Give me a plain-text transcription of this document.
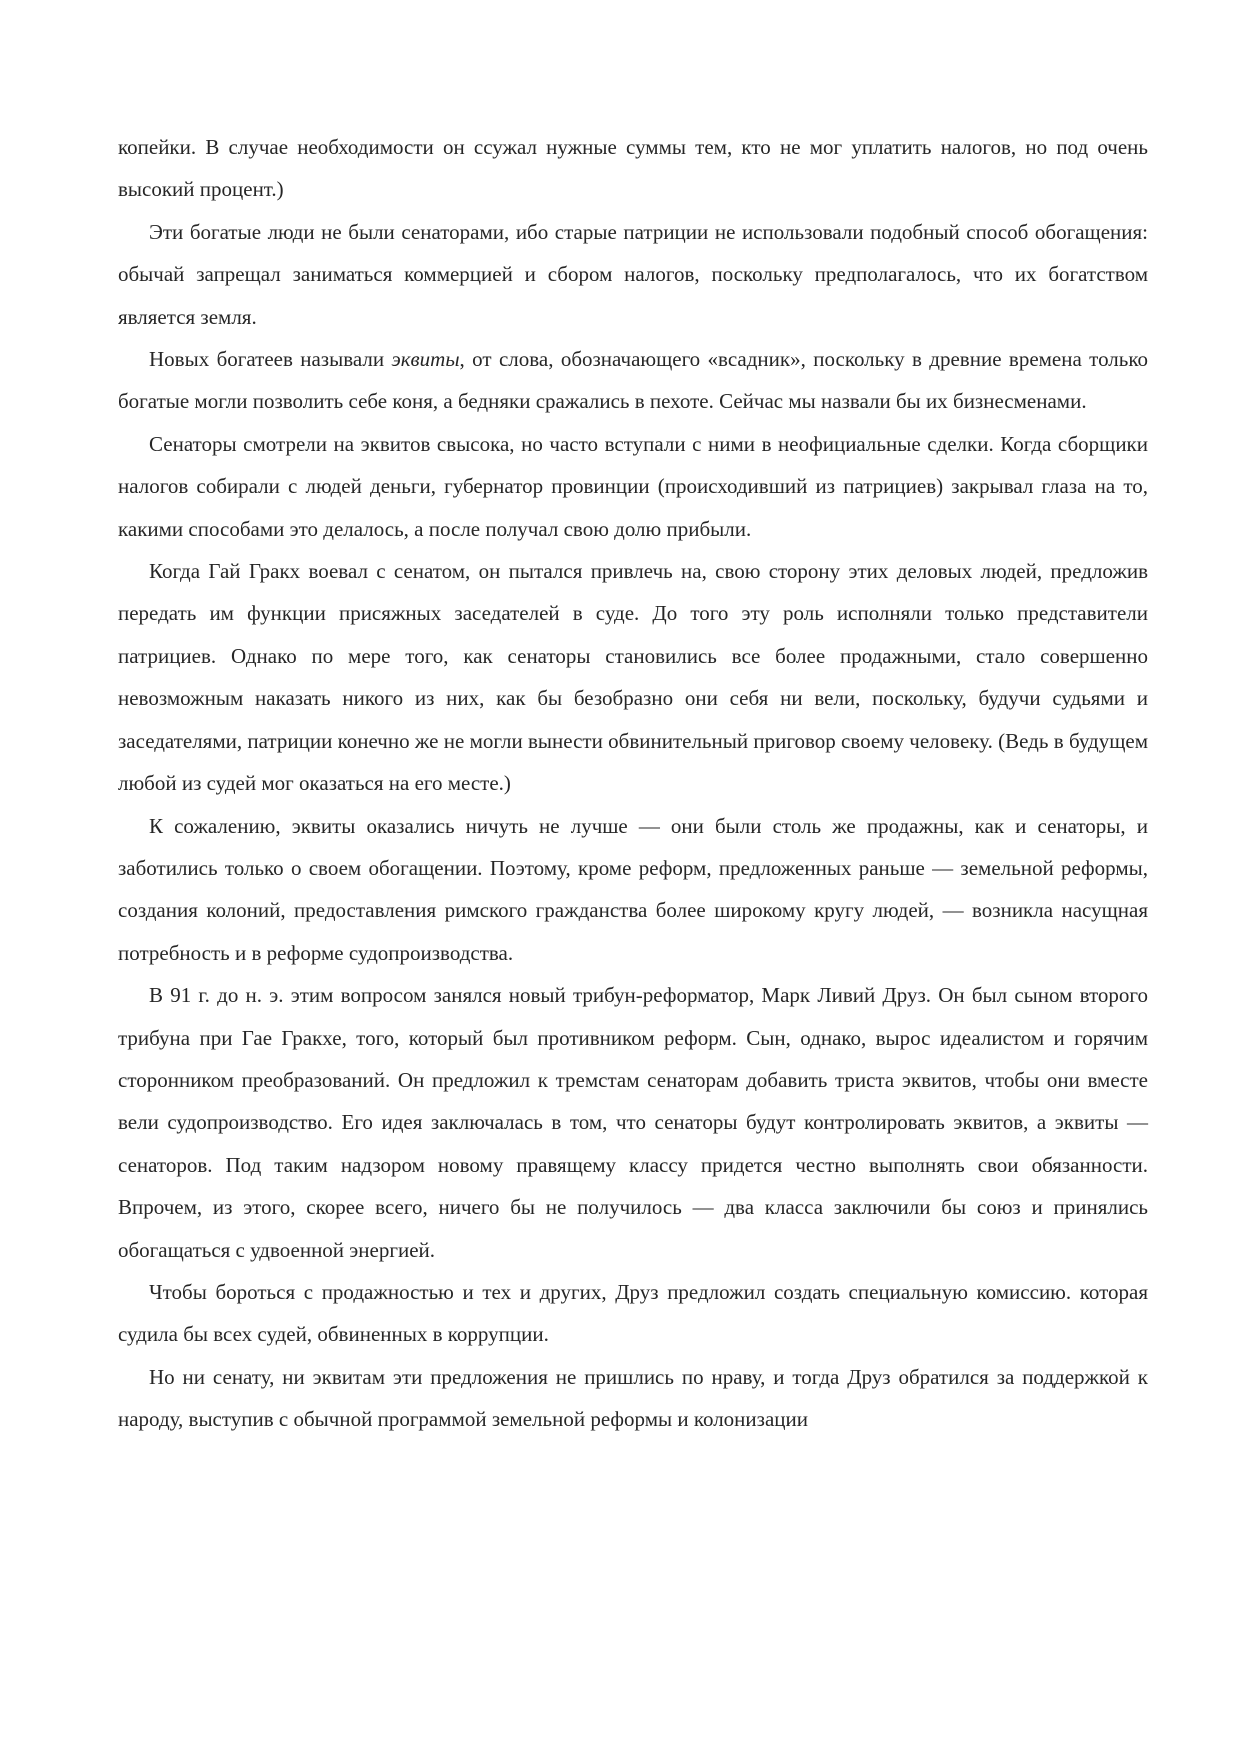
копейки. В случае необходимости он ссужал нужные суммы тем, кто не мог уплатить налогов, но под очень высокий процент.)

Эти богатые люди не были сенаторами, ибо старые патриции не использовали подобный способ обогащения: обычай запрещал заниматься коммерцией и сбором налогов, поскольку предполагалось, что их богатством является земля.

Новых богатеев называли эквиты, от слова, обозначающего «всадник», поскольку в древние времена только богатые могли позволить себе коня, а бедняки сражались в пехоте. Сейчас мы назвали бы их бизнесменами.

Сенаторы смотрели на эквитов свысока, но часто вступали с ними в неофициальные сделки. Когда сборщики налогов собирали с людей деньги, губернатор провинции (происходивший из патрициев) закрывал глаза на то, какими способами это делалось, а после получал свою долю прибыли.

Когда Гай Гракх воевал с сенатом, он пытался привлечь на, свою сторону этих деловых людей, предложив передать им функции присяжных заседателей в суде. До того эту роль исполняли только представители патрициев. Однако по мере того, как сенаторы становились все более продажными, стало совершенно невозможным наказать никого из них, как бы безобразно они себя ни вели, поскольку, будучи судьями и заседателями, патриции конечно же не могли вынести обвинительный приговор своему человеку. (Ведь в будущем любой из судей мог оказаться на его месте.)

К сожалению, эквиты оказались ничуть не лучше — они были столь же продажны, как и сенаторы, и заботились только о своем обогащении. Поэтому, кроме реформ, предложенных раньше — земельной реформы, создания колоний, предоставления римского гражданства более широкому кругу людей, — возникла насущная потребность и в реформе судопроизводства.

В 91 г. до н. э. этим вопросом занялся новый трибун-реформатор, Марк Ливий Друз. Он был сыном второго трибуна при Гае Гракхе, того, который был противником реформ. Сын, однако, вырос идеалистом и горячим сторонником преобразований. Он предложил к тремстам сенаторам добавить триста эквитов, чтобы они вместе вели судопроизводство. Его идея заключалась в том, что сенаторы будут контролировать эквитов, а эквиты — сенаторов. Под таким надзором новому правящему классу придется честно выполнять свои обязанности. Впрочем, из этого, скорее всего, ничего бы не получилось — два класса заключили бы союз и принялись обогащаться с удвоенной энергией.

Чтобы бороться с продажностью и тех и других, Друз предложил создать специальную комиссию. которая судила бы всех судей, обвиненных в коррупции.

Но ни сенату, ни эквитам эти предложения не пришлись по нраву, и тогда Друз обратился за поддержкой к народу, выступив с обычной программой земельной реформы и колонизации
